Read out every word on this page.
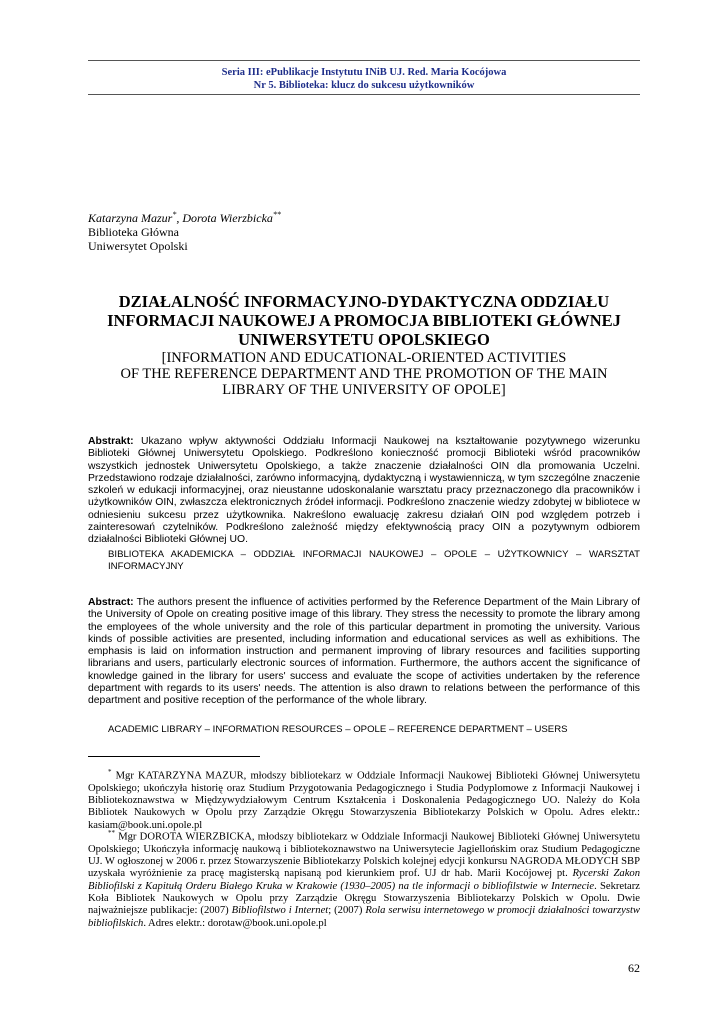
Seria III: ePublikacje Instytutu INiB UJ. Red. Maria Kocójowa
Nr 5. Biblioteka: klucz do sukcesu użytkowników
Katarzyna Mazur*, Dorota Wierzbicka**
Biblioteka Główna
Uniwersytet Opolski
DZIAŁALNOŚĆ INFORMACYJNO-DYDAKTYCZNA ODDZIAŁU
INFORMACJI NAUKOWEJ A PROMOCJA BIBLIOTEKI GŁÓWNEJ
UNIWERSYTETU OPOLSKIEGO
[INFORMATION AND EDUCATIONAL-ORIENTED ACTIVITIES
OF THE REFERENCE DEPARTMENT AND THE PROMOTION OF THE MAIN
LIBRARY OF THE UNIVERSITY OF OPOLE]
Abstrakt: Ukazano wpływ aktywności Oddziału Informacji Naukowej na kształtowanie pozytywnego wizerunku Biblioteki Głównej Uniwersytetu Opolskiego. Podkreślono konieczność promocji Biblioteki wśród pracowników wszystkich jednostek Uniwersytetu Opolskiego, a także znaczenie działalności OIN dla promowania Uczelni. Przedstawiono rodzaje działalności, zarówno informacyjną, dydaktyczną i wystawienniczą, w tym szczególne znaczenie szkoleń w edukacji informacyjnej, oraz nieustanne udoskonalanie warsztatu pracy przeznaczonego dla pracowników i użytkowników OIN, zwłaszcza elektronicznych źródeł informacji. Podkreślono znaczenie wiedzy zdobytej w bibliotece w odniesieniu sukcesu przez użytkownika. Nakreślono ewaluację zakresu działań OIN pod względem potrzeb i zainteresowań czytelników. Podkreślono zależność między efektywnością pracy OIN a pozytywnym odbiorem działalności Biblioteki Głównej UO.
BIBLIOTEKA AKADEMICKA – ODDZIAŁ INFORMACJI NAUKOWEJ – OPOLE – UŻYTKOWNICY – WARSZTAT INFORMACYJNY
Abstract: The authors present the influence of activities performed by the Reference Department of the Main Library of the University of Opole on creating positive image of this library. They stress the necessity to promote the library among the employees of the whole university and the role of this particular department in promoting the university. Various kinds of possible activities are presented, including information and educational services as well as exhibitions. The emphasis is laid on information instruction and permanent improving of library resources and facilities supporting librarians and users, particularly electronic sources of information. Furthermore, the authors accent the significance of knowledge gained in the library for users' success and evaluate the scope of activities undertaken by the reference department with regards to its users' needs. The attention is also drawn to relations between the performance of this department and positive reception of the performance of the whole library.
ACADEMIC LIBRARY – INFORMATION RESOURCES – OPOLE – REFERENCE DEPARTMENT – USERS
* Mgr KATARZYNA MAZUR, młodszy bibliotekarz w Oddziale Informacji Naukowej Biblioteki Głównej Uniwersytetu Opolskiego; ukończyła historię oraz Studium Przygotowania Pedagogicznego i Studia Podyplomowe z Informacji Naukowej i Bibliotekoznawstwa w Międzywydziałowym Centrum Kształcenia i Doskonalenia Pedagogicznego UO. Należy do Koła Bibliotek Naukowych w Opolu przy Zarządzie Okręgu Stowarzyszenia Bibliotekarzy Polskich w Opolu. Adres elektr.: kasiam@book.uni.opole.pl
** Mgr DOROTA WIERZBICKA, młodszy bibliotekarz w Oddziale Informacji Naukowej Biblioteki Głównej Uniwersytetu Opolskiego; Ukończyła informację naukową i bibliotekoznawstwo na Uniwersytecie Jagiellońskim oraz Studium Pedagogiczne UJ. W ogłoszonej w 2006 r. przez Stowarzyszenie Bibliotekarzy Polskich kolejnej edycji konkursu NAGRODA MŁODYCH SBP uzyskała wyróżnienie za pracę magisterską napisaną pod kierunkiem prof. UJ dr hab. Marii Kocójowej pt. Rycerski Zakon Bibliofilski z Kapitułą Orderu Białego Kruka w Krakowie (1930–2005) na tle informacji o bibliofilstwie w Internecie. Sekretarz Koła Bibliotek Naukowych w Opolu przy Zarządzie Okręgu Stowarzyszenia Bibliotekarzy Polskich w Opolu. Dwie najważniejsze publikacje: (2007) Bibliofilstwo i Internet; (2007) Rola serwisu internetowego w promocji działalności towarzystw bibliofilskich. Adres elektr.: dorotaw@book.uni.opole.pl
62
